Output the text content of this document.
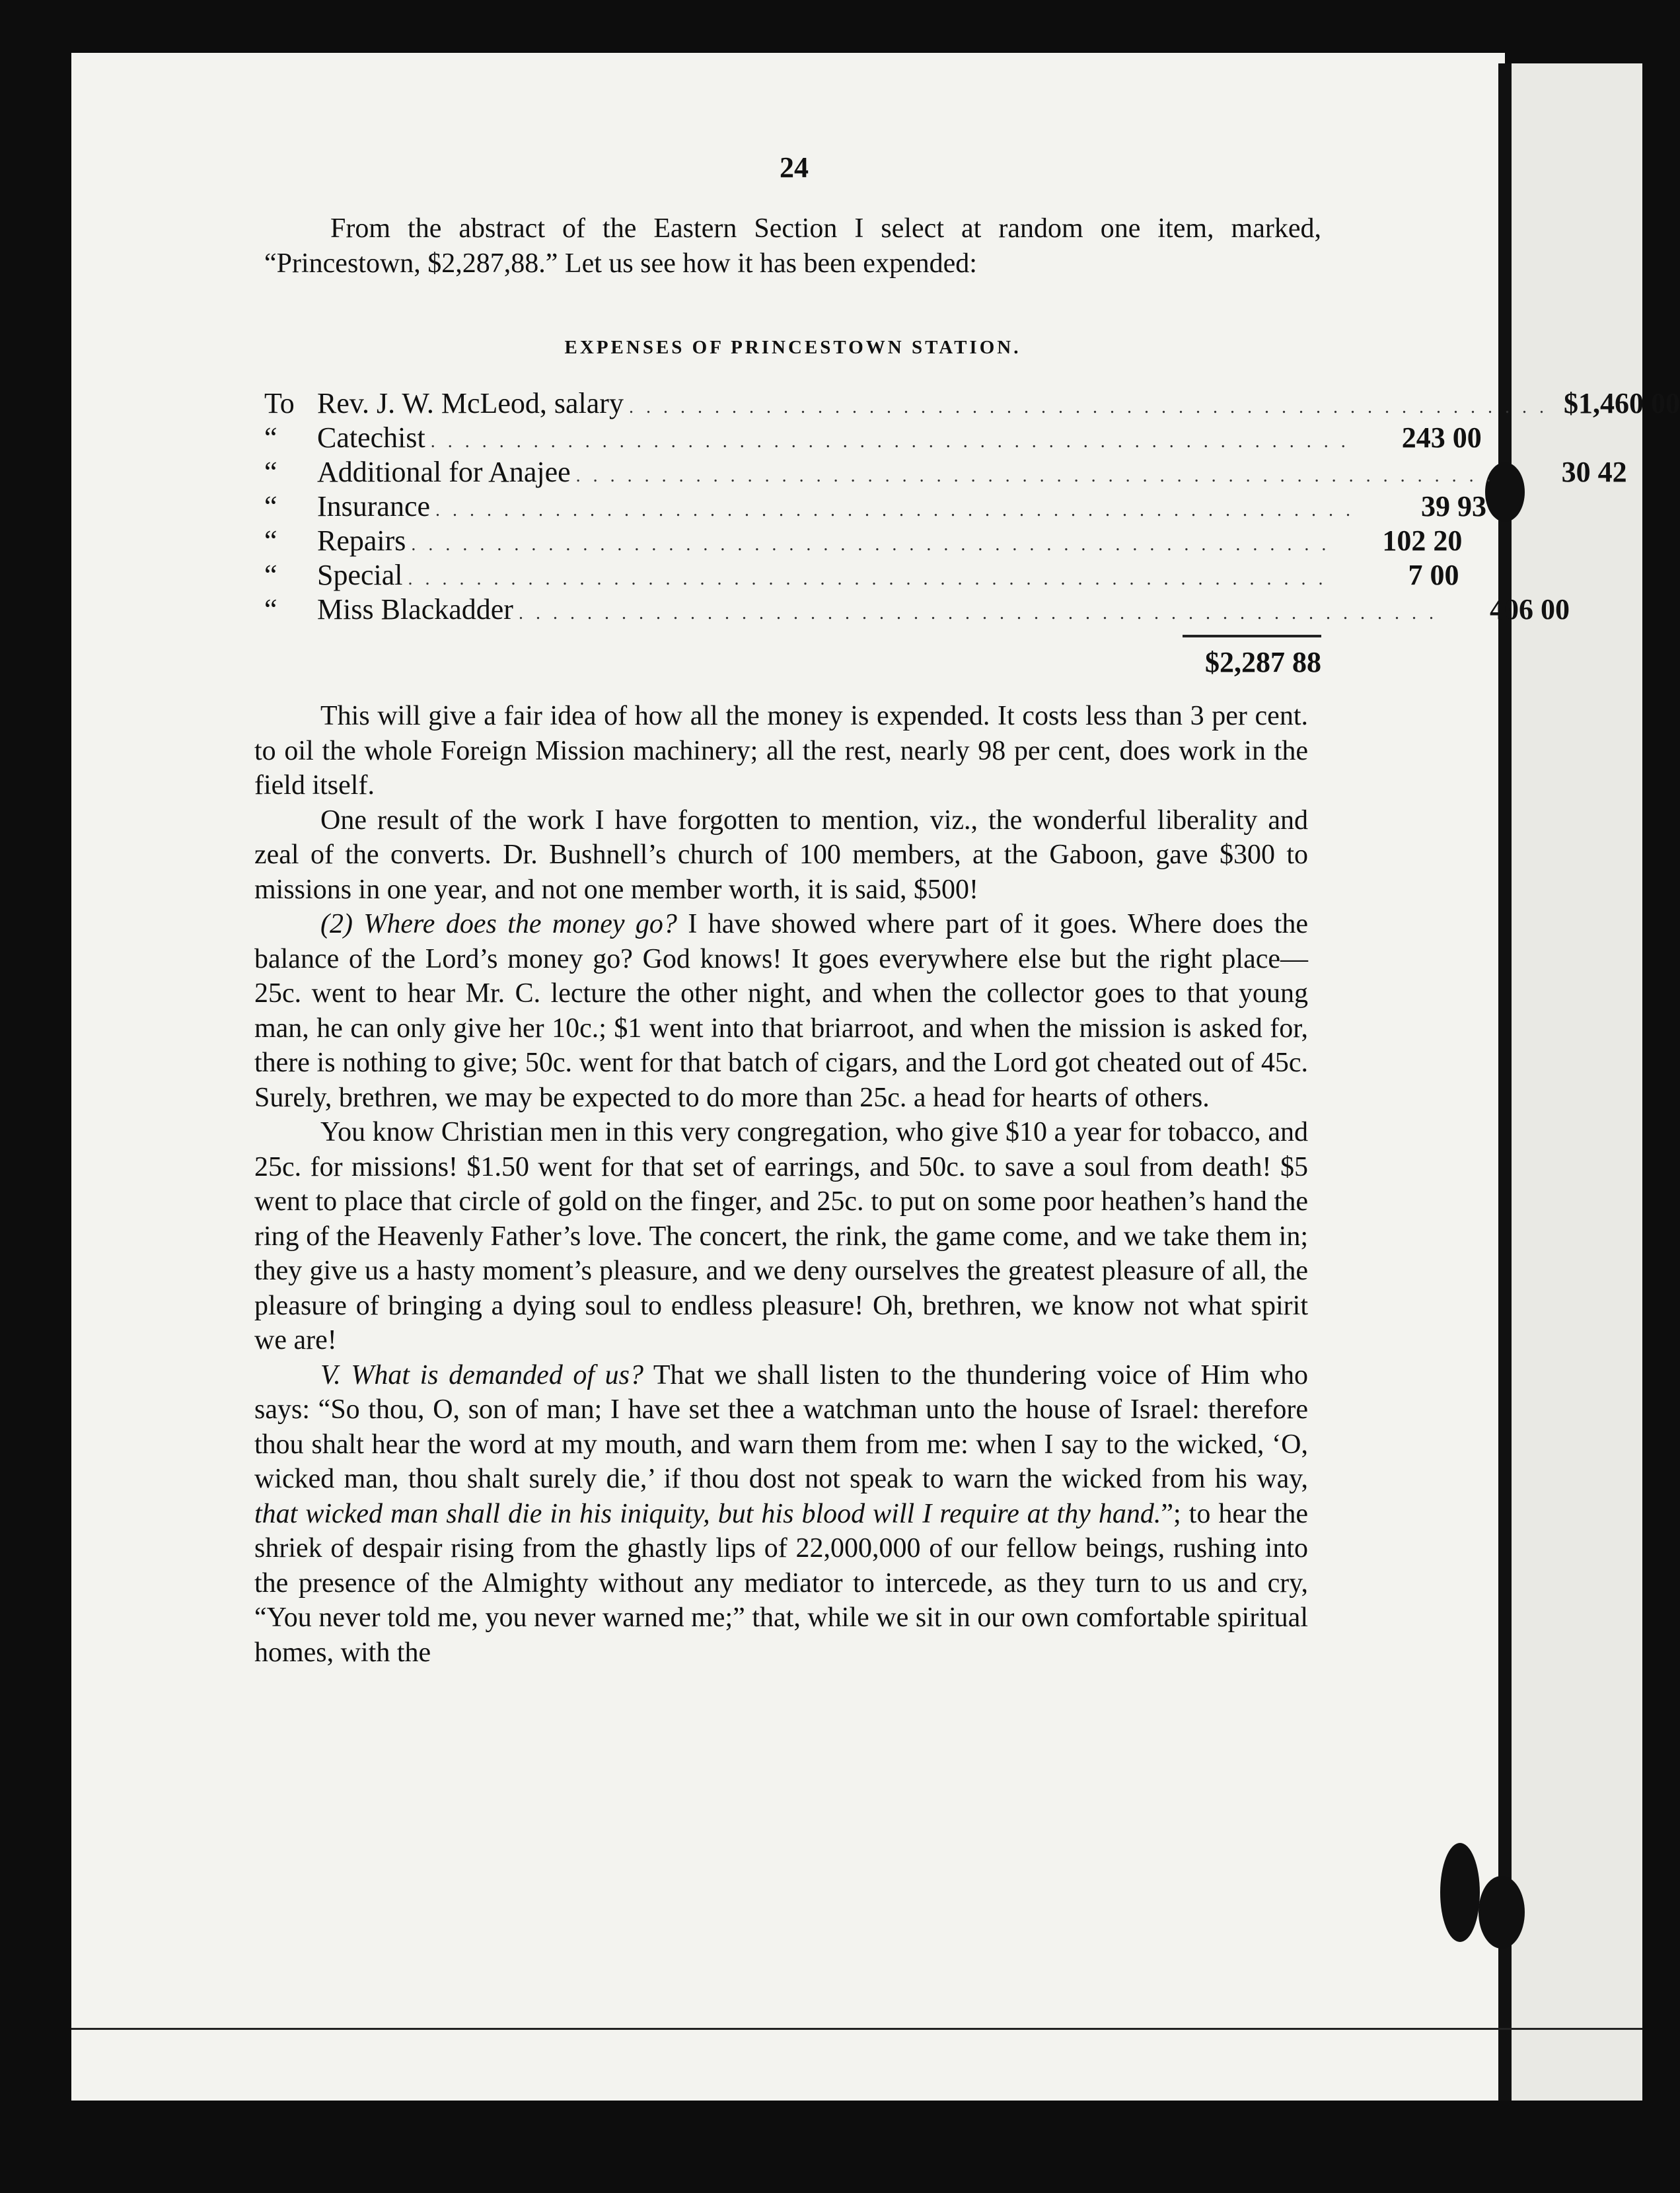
24

From the abstract of the Eastern Section I select at random one item, marked, “Princestown, $2,287,88.” Let us see how it has been expended:

EXPENSES OF PRINCESTOWN STATION.
To Rev. J. W. McLeod, salary . . . . . . . . . . . . . . . . . . . . . . . . . . . . . . . . . . . . . . . . . . . . . . . . . . . . . . $1,460 00
“	Catechist . . . . . . . . . . . . . . . . . . . . . . . . . . . . . . . . . . . . . . . . . . . . . . . . . . . . . .	243 00
“	Additional for Anajee . . . . . . . . . . . . . . . . . . . . . . . . . . . . . . . . . . . . . . . . . . . . . . . . . . . . . .	30 42
“	Insurance . . . . . . . . . . . . . . . . . . . . . . . . . . . . . . . . . . . . . . . . . . . . . . . . . . . . . .	39 93
“	Repairs . . . . . . . . . . . . . . . . . . . . . . . . . . . . . . . . . . . . . . . . . . . . . . . . . . . . . .	102 20
“	Special . . . . . . . . . . . . . . . . . . . . . . . . . . . . . . . . . . . . . . . . . . . . . . . . . . . . . .	7 00
“	Miss Blackadder . . . . . . . . . . . . . . . . . . . . . . . . . . . . . . . . . . . . . . . . . . . . . . . . . . . . . .	406 00
$2,287 88

This will give a fair idea of how all the money is expended. It costs less than 3 per cent. to oil the whole Foreign Mission machinery; all the rest, nearly 98 per cent, does work in the field itself.

One result of the work I have forgotten to mention, viz., the wonderful liberality and zeal of the converts. Dr. Bushnell’s church of 100 members, at the Gaboon, gave $300 to missions in one year, and not one member worth, it is said, $500!

(2) Where does the money go? I have showed where part of it goes. Where does the balance of the Lord’s money go? God knows! It goes everywhere else but the right place—25c. went to hear Mr. C. lecture the other night, and when the collector goes to that young man, he can only give her 10c.; $1 went into that briarroot, and when the mission is asked for, there is nothing to give; 50c. went for that batch of cigars, and the Lord got cheated out of 45c. Surely, brethren, we may be expected to do more than 25c. a head for hearts of others.

You know Christian men in this very congregation, who give $10 a year for tobacco, and 25c. for missions! $1.50 went for that set of earrings, and 50c. to save a soul from death! $5 went to place that circle of gold on the finger, and 25c. to put on some poor heathen’s hand the ring of the Heavenly Father’s love. The concert, the rink, the game come, and we take them in; they give us a hasty moment’s pleasure, and we deny ourselves the greatest pleasure of all, the pleasure of bringing a dying soul to endless pleasure! Oh, brethren, we know not what spirit we are!

V. What is demanded of us? That we shall listen to the thundering voice of Him who says: “So thou, O, son of man; I have set thee a watchman unto the house of Israel: therefore thou shalt hear the word at my mouth, and warn them from me: when I say to the wicked, ‘O, wicked man, thou shalt surely die,’ if thou dost not speak to warn the wicked from his way, that wicked man shall die in his iniquity, but his blood will I require at thy hand.”; to hear the shriek of despair rising from the ghastly lips of 22,000,000 of our fellow beings, rushing into the presence of the Almighty without any mediator to intercede, as they turn to us and cry, “You never told me, you never warned me;” that, while we sit in our own comfortable spiritual homes, with the
